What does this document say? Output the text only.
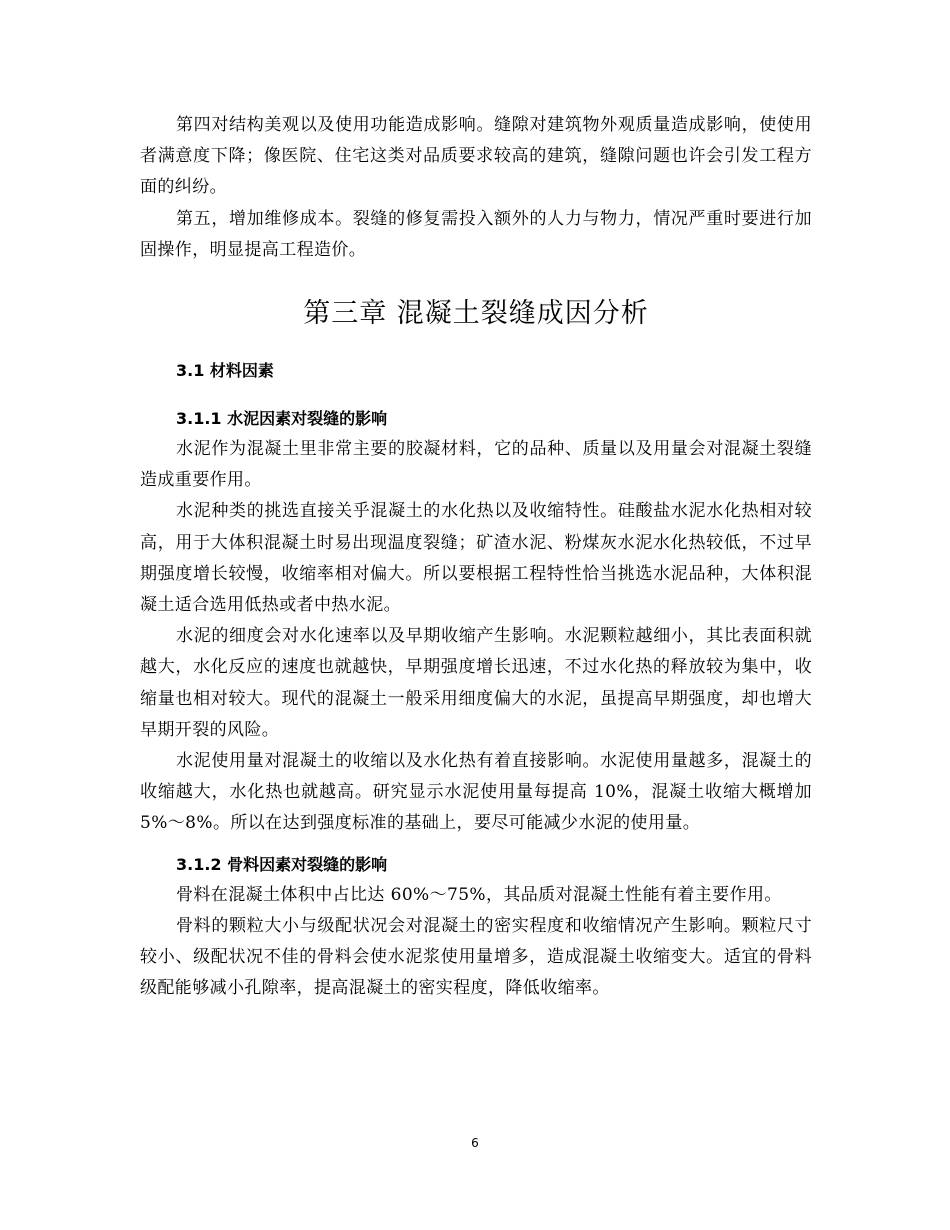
第四对结构美观以及使用功能造成影响。缝隙对建筑物外观质量造成影响，使使用者满意度下降；像医院、住宅这类对品质要求较高的建筑，缝隙问题也许会引发工程方面的纠纷。

第五，增加维修成本。裂缝的修复需投入额外的人力与物力，情况严重时要进行加固操作，明显提高工程造价。

第三章 混凝土裂缝成因分析
3.1 材料因素
3.1.1 水泥因素对裂缝的影响

水泥作为混凝土里非常主要的胶凝材料，它的品种、质量以及用量会对混凝土裂缝造成重要作用。

水泥种类的挑选直接关乎混凝土的水化热以及收缩特性。硅酸盐水泥水化热相对较高，用于大体积混凝土时易出现温度裂缝；矿渣水泥、粉煤灰水泥水化热较低，不过早期强度增长较慢，收缩率相对偏大。所以要根据工程特性恰当挑选水泥品种，大体积混凝土适合选用低热或者中热水泥。

水泥的细度会对水化速率以及早期收缩产生影响。水泥颗粒越细小，其比表面积就越大，水化反应的速度也就越快，早期强度增长迅速，不过水化热的释放较为集中，收缩量也相对较大。现代的混凝土一般采用细度偏大的水泥，虽提高早期强度，却也增大早期开裂的风险。

水泥使用量对混凝土的收缩以及水化热有着直接影响。水泥使用量越多，混凝土的收缩越大，水化热也就越高。研究显示水泥使用量每提高 10%，混凝土收缩大概增加 5%～8%。所以在达到强度标准的基础上，要尽可能减少水泥的使用量。

3.1.2 骨料因素对裂缝的影响

骨料在混凝土体积中占比达 60%～75%，其品质对混凝土性能有着主要作用。

骨料的颗粒大小与级配状况会对混凝土的密实程度和收缩情况产生影响。颗粒尺寸较小、级配状况不佳的骨料会使水泥浆使用量增多，造成混凝土收缩变大。适宜的骨料级配能够减小孔隙率，提高混凝土的密实程度，降低收缩率。

6
